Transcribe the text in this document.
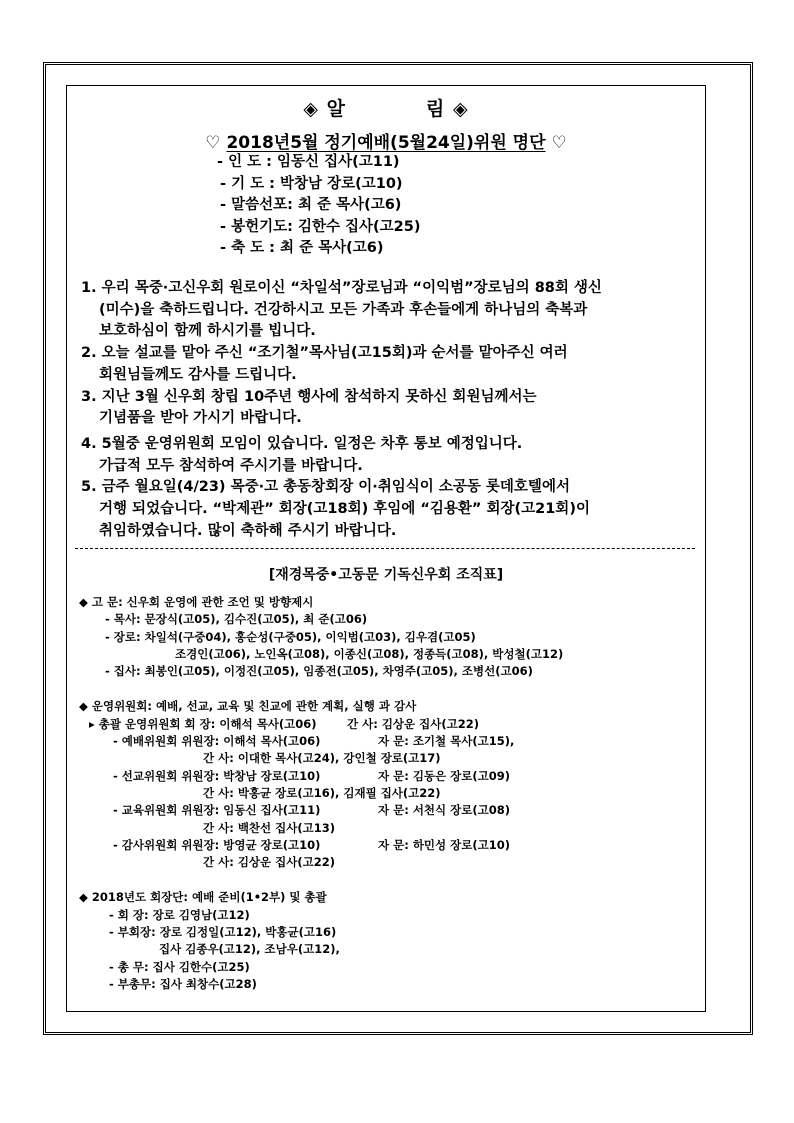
◈ 알	림 ◈
♡ 2018년5월 정기예배(5월24일)위원 명단 ♡
- 인 도 : 임동신 집사(고11)
- 기 도 : 박창남 장로(고10)
- 말씀선포: 최 준 목사(고6)
- 봉헌기도: 김한수 집사(고25)
- 축 도 : 최 준 목사(고6)
1. 우리 목중·고신우회 원로이신 “차일석”장로님과 “이익범”장로님의 88회 생신
(미수)을 축하드립니다. 건강하시고 모든 가족과 후손들에게 하나님의 축복과
보호하심이 함께 하시기를 빕니다.
2. 오늘 설교를 맡아 주신 “조기철”목사님(고15회)과 순서를 맡아주신 여러
회원님들께도 감사를 드립니다.
3. 지난 3월 신우회 창립 10주년 행사에 참석하지 못하신 회원님께서는
기념품을 받아 가시기 바랍니다.
4. 5월중 운영위원회 모임이 있습니다. 일정은 차후 통보 예정입니다.
가급적 모두 참석하여 주시기를 바랍니다.
5. 금주 월요일(4/23) 목중·고 총동창회장 이·취임식이 소공동 롯데호텔에서
거행 되었습니다. “박제관” 회장(고18회) 후임에 “김용환” 회장(고21회)이
취임하였습니다. 많이 축하해 주시기 바랍니다.
[재경목중•고동문 기독신우회 조직표]
◆ 고 문: 신우회 운영에 관한 조언 및 방향제시
- 목사: 문장식(고05), 김수진(고05), 최 준(고06)
- 장로: 차일석(구중04), 홍순성(구중05), 이익범(고03), 김우겸(고05)
조경인(고06), 노인옥(고08), 이종신(고08), 정종득(고08), 박성철(고12)
- 집사: 최봉인(고05), 이정진(고05), 임종전(고05), 차영주(고05), 조병선(고06)
◆ 운영위원회: 예배, 선교, 교육 및 친교에 관한 계획, 실행 과 감사
▸ 총괄 운영위원회 회 장: 이해석 목사(고06)	간 사: 김상운 집사(고22)
- 예배위원회 위원장: 이해석 목사(고06)	자 문: 조기철 목사(고15),
간 사: 이대한 목사(고24), 강인철 장로(고17)
- 선교위원회 위원장: 박창남 장로(고10)	자 문: 김동은 장로(고09)
간 사: 박홍균 장로(고16), 김재필 집사(고22)
- 교육위원회 위원장: 임동신 집사(고11)	자 문: 서천식 장로(고08)
간 사: 백찬선 집사(고13)
- 감사위원회 위원장: 방영균 장로(고10)	자 문: 하민성 장로(고10)
간 사: 김상운 집사(고22)
◆ 2018년도 회장단: 예배 준비(1•2부) 및 총괄
- 회 장: 장로 김영남(고12)
- 부회장: 장로 김정일(고12), 박홍균(고16)
집사 김종우(고12), 조남우(고12),
- 총 무: 집사 김한수(고25)
- 부총무: 집사 최창수(고28)
